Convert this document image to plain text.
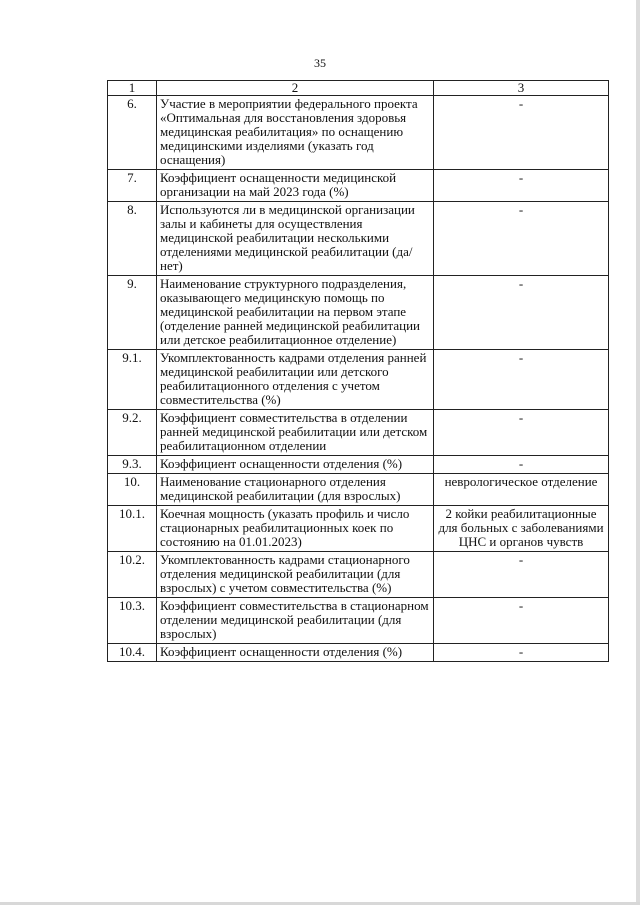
35
1	2	3
6.	Участие в мероприятии федерального проекта «Оптимальная для восстановления здоровья медицинская реабилитация» по оснащению медицинскими изделиями (указать год оснащения)	-
7.	Коэффициент оснащенности медицинской организации на май 2023 года (%)	-
8.	Используются ли в медицинской организации залы и кабинеты для осуществления медицинской реабилитации несколькими отделениями медицинской реабилитации (да/нет)	-
9.	Наименование структурного подразделения, оказывающего медицинскую помощь по медицинской реабилитации на первом этапе (отделение ранней медицинской реабилитации или детское реабилитационное отделение)	-
9.1.	Укомплектованность кадрами отделения ранней медицинской реабилитации или детского реабилитационного отделения с учетом совместительства (%)	-
9.2.	Коэффициент совместительства в отделении ранней медицинской реабилитации или детском реабилитационном отделении	-
9.3.	Коэффициент оснащенности отделения (%)	-
10.	Наименование стационарного отделения медицинской реабилитации (для взрослых)	неврологическое отделение
10.1.	Коечная мощность (указать профиль и число стационарных реабилитационных коек по состоянию на 01.01.2023)	2 койки реабилитационные для больных с заболеваниями ЦНС и органов чувств
10.2.	Укомплектованность кадрами стационарного отделения медицинской реабилитации (для взрослых) с учетом совместительства (%)	-
10.3.	Коэффициент совместительства в стационарном отделении медицинской реабилитации (для взрослых)	-
10.4.	Коэффициент оснащенности отделения (%)	-
